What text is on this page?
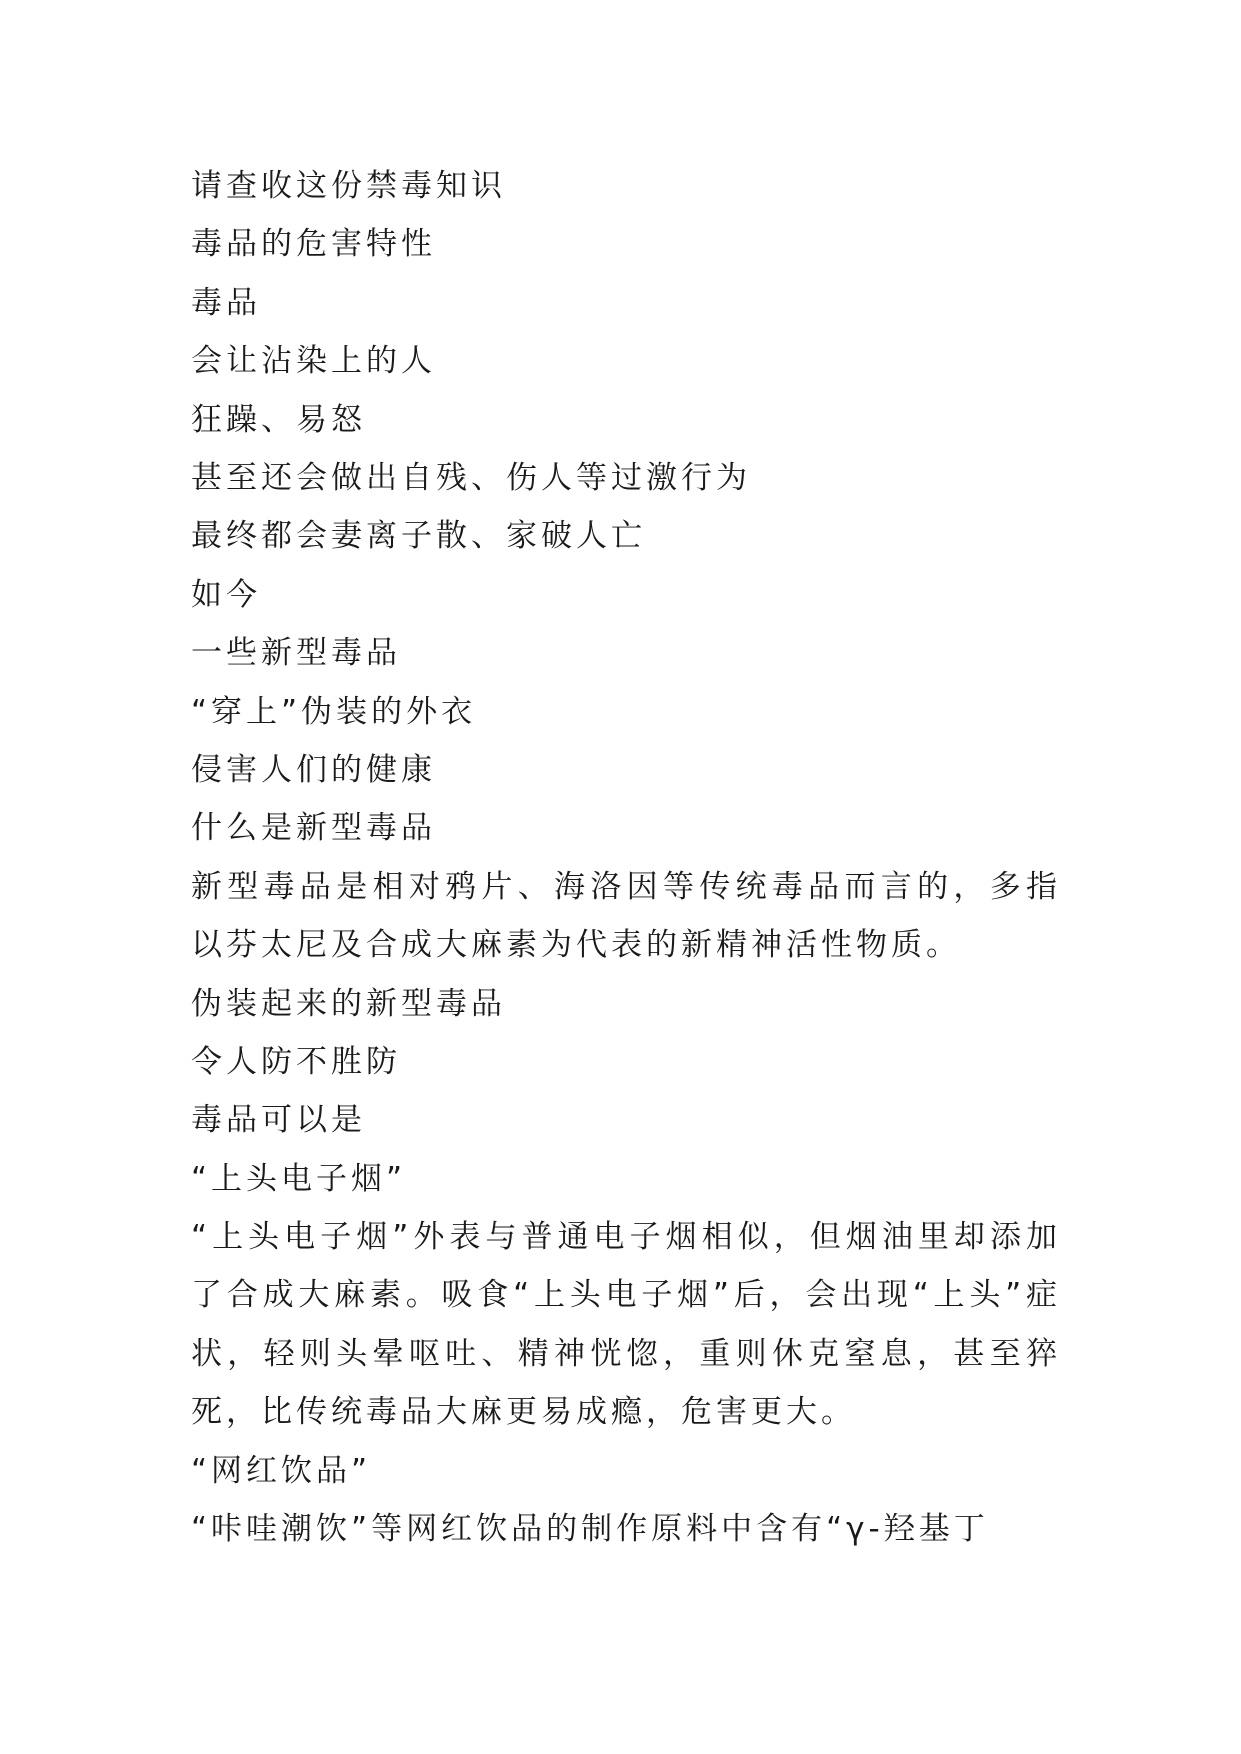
请查收这份禁毒知识
毒品的危害特性
毒品
会让沾染上的人
狂躁、易怒
甚至还会做出自残、伤人等过激行为
最终都会妻离子散、家破人亡
如今
一些新型毒品
“穿上”伪装的外衣
侵害人们的健康
什么是新型毒品
新型毒品是相对鸦片、海洛因等传统毒品而言的，多指以芬太尼及合成大麻素为代表的新精神活性物质。
伪装起来的新型毒品
令人防不胜防
毒品可以是
“上头电子烟”
“上头电子烟”外表与普通电子烟相似，但烟油里却添加了合成大麻素。吸食“上头电子烟”后，会出现“上头”症状，轻则头晕呕吐、精神恍惚，重则休克窒息，甚至猝死，比传统毒品大麻更易成瘾，危害更大。
“网红饮品”
“咔哇潮饮”等网红饮品的制作原料中含有“γ-羟基丁
